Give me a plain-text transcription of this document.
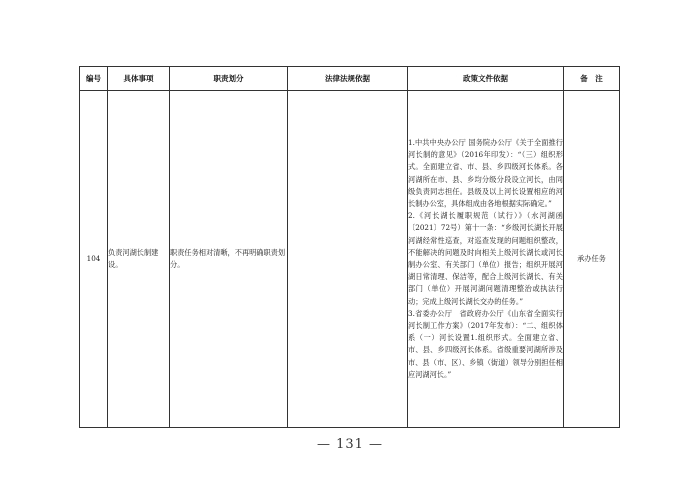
编号	具体事项	职责划分	法律法规依据	政策文件依据	备　注
104	负责河湖长制建设。	职责任务相对清晰，不再明确职责划分。		1.中共中央办公厅 国务院办公厅《关于全面推行河长制的意见》（2016年印发）：“（三）组织形式。全面建立省、市、县、乡四级河长体系。各河湖所在市、县、乡均分级分段设立河长，由同级负责同志担任。县级及以上河长设置相应的河长制办公室，具体组成由各地根据实际确定。”

2.《河长湖长履职规范（试行）》（水河湖函〔2021〕72号）第十一条：“乡级河长湖长开展河湖经常性巡查，对巡查发现的问题组织整改，不能解决的问题及时向相关上级河长湖长或河长制办公室、有关部门（单位）报告；组织开展河湖日常清理、保洁等，配合上级河长湖长、有关部门（单位）开展河湖问题清理整治或执法行动；完成上级河长湖长交办的任务。”

3.省委办公厅　省政府办公厅《山东省全面实行河长制工作方案》（2017年发布）：“二、组织体系（一）河长设置1.组织形式。全面建立省、市、县、乡四级河长体系。省级重要河湖所涉及市、县（市、区）、乡镇（街道）领导分别担任相应河湖河长。”	承办任务
— 131 —
